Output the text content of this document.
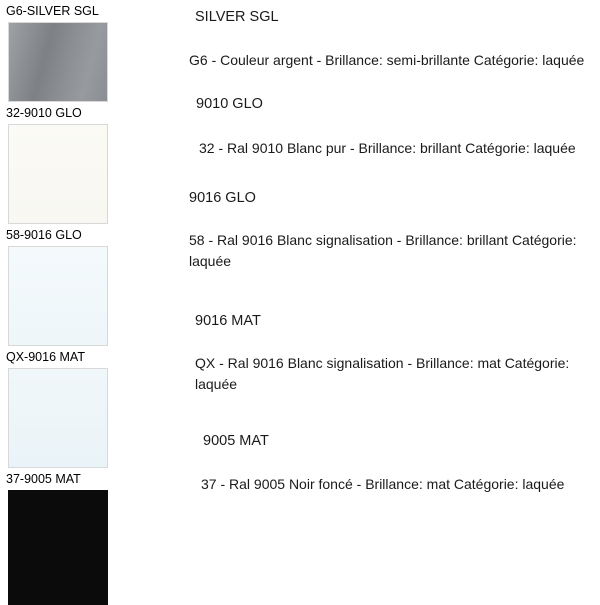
G6-SILVER SGL
32-9010 GLO
58-9016 GLO
QX-9016 MAT
37-9005 MAT
SILVER SGL
G6 - Couleur argent - Brillance: semi-brillante Catégorie: laquée
9010 GLO
32 - Ral 9010 Blanc pur - Brillance: brillant Catégorie: laquée
9016 GLO
58 - Ral 9016 Blanc signalisation - Brillance: brillant Catégorie: laquée
9016 MAT
QX - Ral 9016 Blanc signalisation - Brillance: mat Catégorie: laquée
9005 MAT
37 - Ral 9005 Noir foncé - Brillance: mat Catégorie: laquée
